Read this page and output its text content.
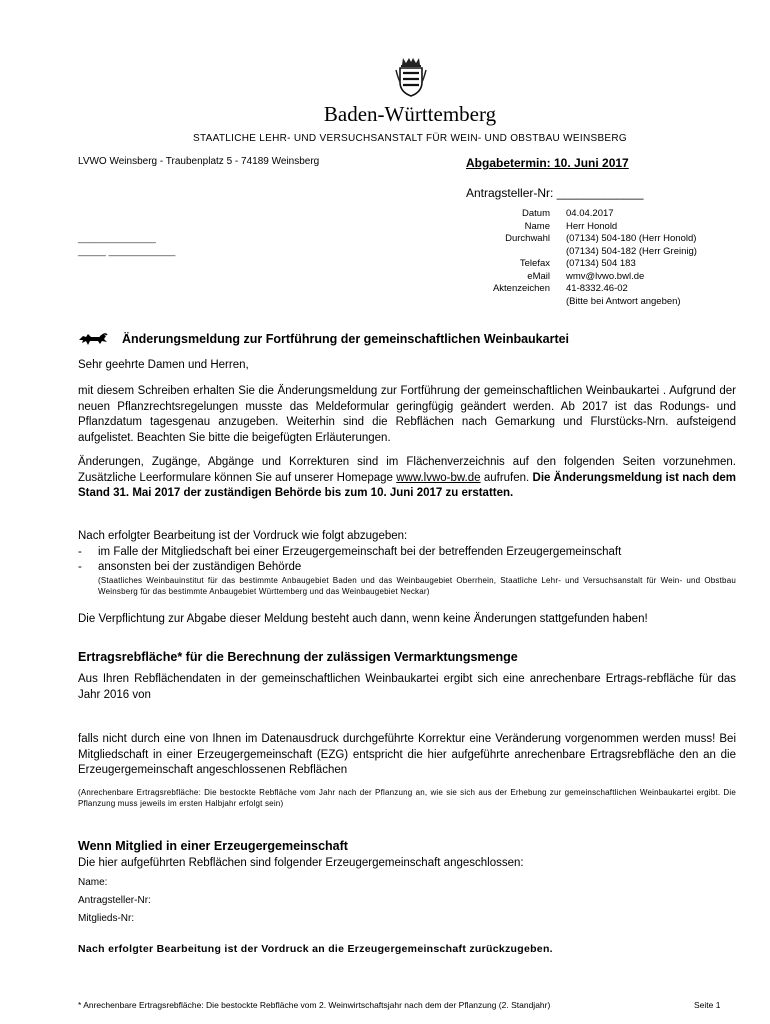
Baden-Württemberg
STAATLICHE LEHR- UND VERSUCHSANSTALT FÜR WEIN- UND OBSTBAU WEINSBERG
LVWO Weinsberg - Traubenplatz 5 - 74189 Weinsberg	Abgabetermin: 10. Juni 2017
Antragsteller-Nr: _____________
______________
_____ ____________
Datum	04.04.2017
Name	Herr Honold
Durchwahl	(07134) 504-180 (Herr Honold)
	(07134) 504-182 (Herr Greinig)
Telefax	(07134) 504 183
eMail	wmv@lvwo.bwl.de
Aktenzeichen	41-8332.46-02
	(Bitte bei Antwort angeben)
Änderungsmeldung zur Fortführung der gemeinschaftlichen Weinbaukartei
Sehr geehrte Damen und Herren,
mit diesem Schreiben erhalten Sie die Änderungsmeldung zur Fortführung der gemeinschaftlichen Weinbaukartei . Aufgrund der neuen Pflanzrechtsregelungen musste das Meldeformular geringfügig geändert werden. Ab 2017 ist das Rodungs- und Pflanzdatum tagesgenau anzugeben. Weiterhin sind die Rebflächen nach Gemarkung und Flurstücks-Nrn. aufsteigend aufgelistet. Beachten Sie bitte die beigefügten Erläuterungen.
Änderungen, Zugänge, Abgänge und Korrekturen sind im Flächenverzeichnis auf den folgenden Seiten vorzunehmen. Zusätzliche Leerformulare können Sie auf unserer Homepage www.lvwo-bw.de aufrufen. Die Änderungsmeldung ist nach dem Stand 31. Mai 2017 der zuständigen Behörde bis zum 10. Juni 2017 zu erstatten.
Nach erfolgter Bearbeitung ist der Vordruck wie folgt abzugeben:
- im Falle der Mitgliedschaft bei einer Erzeugergemeinschaft bei der betreffenden Erzeugergemeinschaft
- ansonsten bei der zuständigen Behörde
(Staatliches Weinbauinstitut für das bestimmte Anbaugebiet Baden und das Weinbaugebiet Oberrhein, Staatliche Lehr- und Versuchsanstalt für Wein- und Obstbau Weinsberg für das bestimmte Anbaugebiet Württemberg und das Weinbaugebiet Neckar)
Die Verpflichtung zur Abgabe dieser Meldung besteht auch dann, wenn keine Änderungen stattgefunden haben!
Ertragsrebfläche* für die Berechnung der zulässigen Vermarktungsmenge
Aus Ihren Rebflächendaten in der gemeinschaftlichen Weinbaukartei ergibt sich eine anrechenbare Ertrags-rebfläche für das Jahr 2016 von
falls nicht durch eine von Ihnen im Datenausdruck durchgeführte Korrektur eine Veränderung vorgenommen werden muss! Bei Mitgliedschaft in einer Erzeugergemeinschaft (EZG) entspricht die hier aufgeführte anrechenbare Ertragsrebfläche den an die Erzeugergemeinschaft angeschlossenen Rebflächen
(Anrechenbare Ertragsrebfläche: Die bestockte Rebfläche vom Jahr nach der Pflanzung an, wie sie sich aus der Erhebung zur gemeinschaftlichen Weinbaukartei ergibt. Die Pflanzung muss jeweils im ersten Halbjahr erfolgt sein)
Wenn Mitglied in einer Erzeugergemeinschaft
Die hier aufgeführten Rebflächen sind folgender Erzeugergemeinschaft angeschlossen:
Name:
Antragsteller-Nr:
Mitglieds-Nr:
Nach erfolgter Bearbeitung ist der Vordruck an die Erzeugergemeinschaft zurückzugeben.
* Anrechenbare Ertragsrebfläche: Die bestockte Rebfläche vom 2. Weinwirtschaftsjahr nach dem der Pflanzung (2. Standjahr)	Seite 1
